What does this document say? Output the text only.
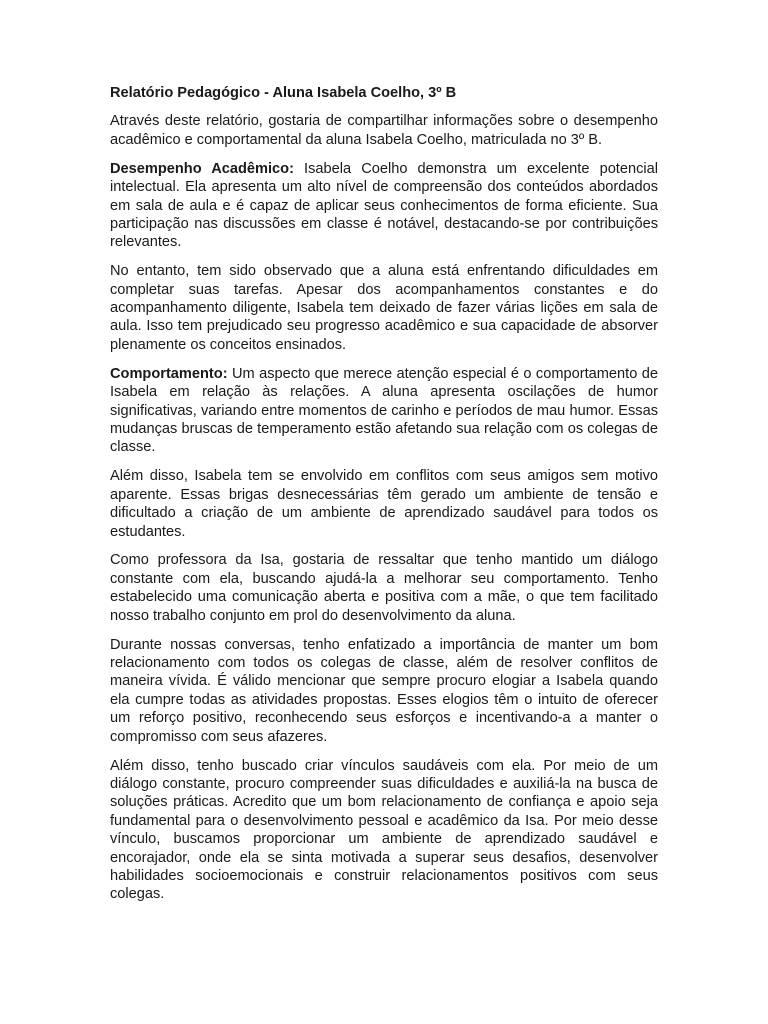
Relatório Pedagógico - Aluna Isabela Coelho, 3º B

Através deste relatório, gostaria de compartilhar informações sobre o desempenho acadêmico e comportamental da aluna Isabela Coelho, matriculada no 3º B.

Desempenho Acadêmico: Isabela Coelho demonstra um excelente potencial intelectual. Ela apresenta um alto nível de compreensão dos conteúdos abordados em sala de aula e é capaz de aplicar seus conhecimentos de forma eficiente. Sua participação nas discussões em classe é notável, destacando-se por contribuições relevantes.

No entanto, tem sido observado que a aluna está enfrentando dificuldades em completar suas tarefas. Apesar dos acompanhamentos constantes e do acompanhamento diligente, Isabela tem deixado de fazer várias lições em sala de aula. Isso tem prejudicado seu progresso acadêmico e sua capacidade de absorver plenamente os conceitos ensinados.

Comportamento: Um aspecto que merece atenção especial é o comportamento de Isabela em relação às relações. A aluna apresenta oscilações de humor significativas, variando entre momentos de carinho e períodos de mau humor. Essas mudanças bruscas de temperamento estão afetando sua relação com os colegas de classe.

Além disso, Isabela tem se envolvido em conflitos com seus amigos sem motivo aparente. Essas brigas desnecessárias têm gerado um ambiente de tensão e dificultado a criação de um ambiente de aprendizado saudável para todos os estudantes.

Como professora da Isa, gostaria de ressaltar que tenho mantido um diálogo constante com ela, buscando ajudá-la a melhorar seu comportamento. Tenho estabelecido uma comunicação aberta e positiva com a mãe, o que tem facilitado nosso trabalho conjunto em prol do desenvolvimento da aluna.

Durante nossas conversas, tenho enfatizado a importância de manter um bom relacionamento com todos os colegas de classe, além de resolver conflitos de maneira vívida. É válido mencionar que sempre procuro elogiar a Isabela quando ela cumpre todas as atividades propostas. Esses elogios têm o intuito de oferecer um reforço positivo, reconhecendo seus esforços e incentivando-a a manter o compromisso com seus afazeres.

Além disso, tenho buscado criar vínculos saudáveis com ela. Por meio de um diálogo constante, procuro compreender suas dificuldades e auxiliá-la na busca de soluções práticas. Acredito que um bom relacionamento de confiança e apoio seja fundamental para o desenvolvimento pessoal e acadêmico da Isa. Por meio desse vínculo, buscamos proporcionar um ambiente de aprendizado saudável e encorajador, onde ela se sinta motivada a superar seus desafios, desenvolver habilidades socioemocionais e construir relacionamentos positivos com seus colegas.
